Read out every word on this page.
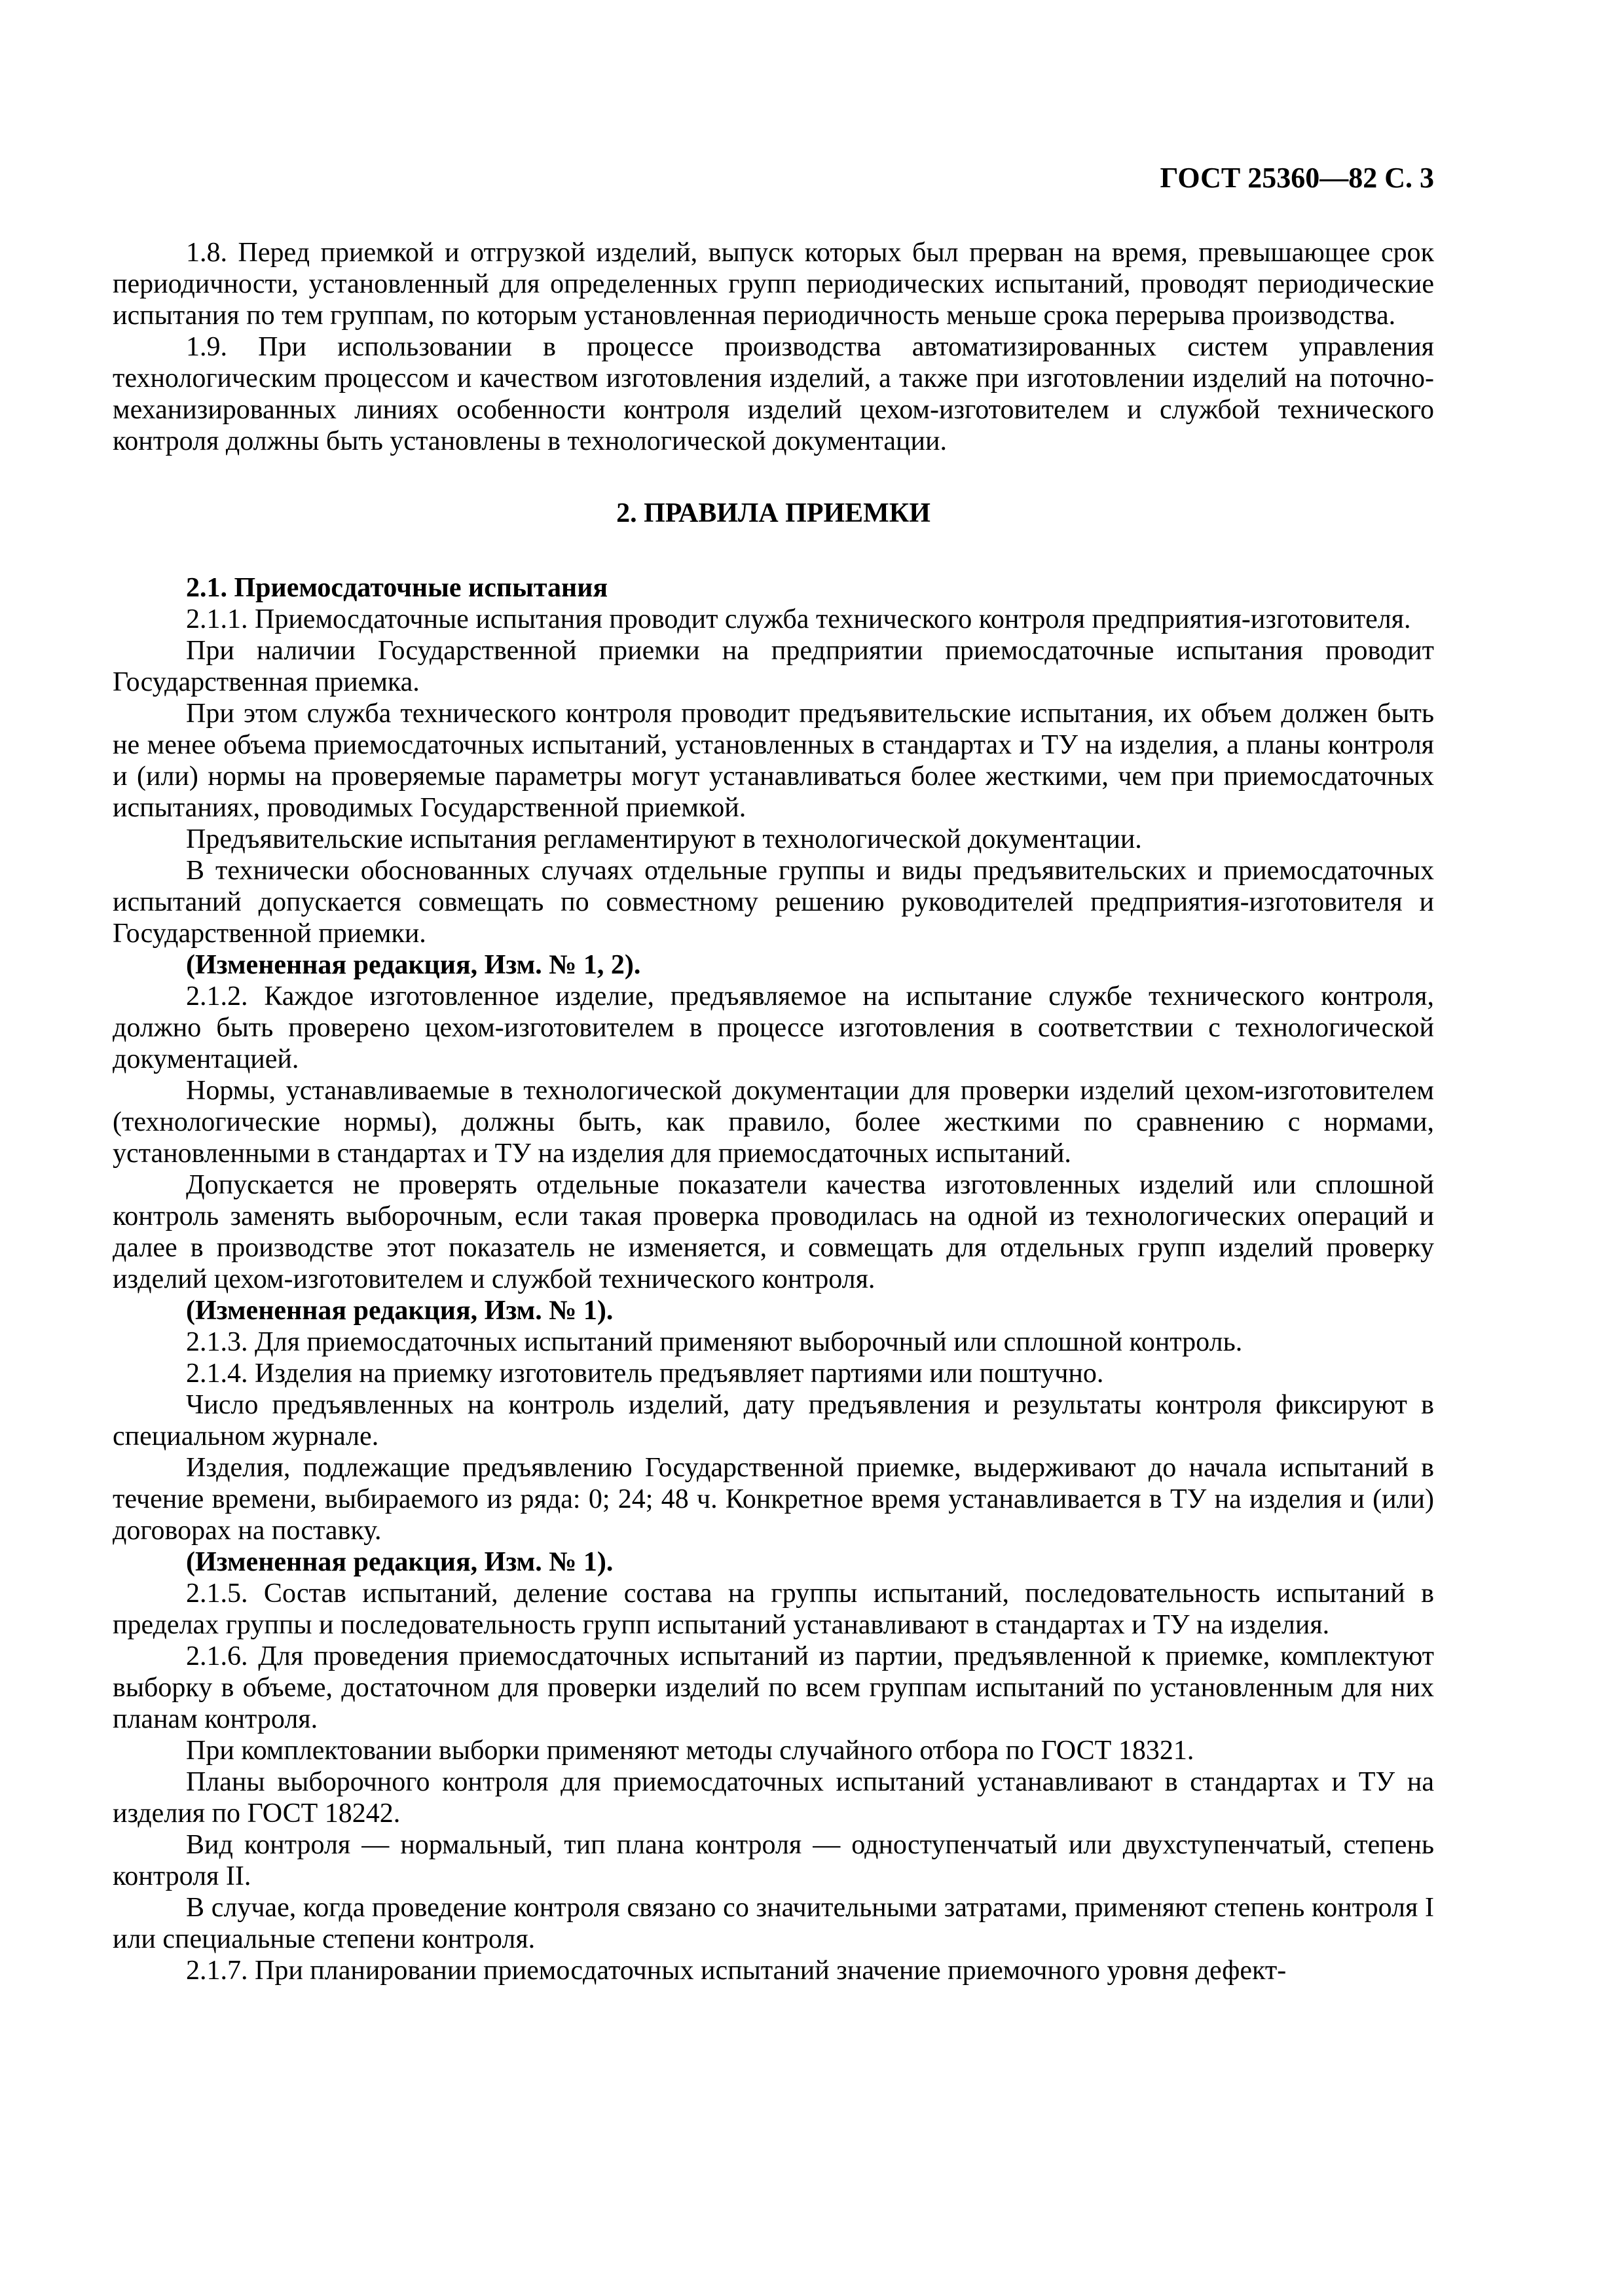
ГОСТ 25360—82 С. 3

1.8. Перед приемкой и отгрузкой изделий, выпуск которых был прерван на время, превышающее срок периодичности, установленный для определенных групп периодических испытаний, проводят периодические испытания по тем группам, по которым установленная периодичность меньше срока перерыва производства.

1.9. При использовании в процессе производства автоматизированных систем управления технологическим процессом и качеством изготовления изделий, а также при изготовлении изделий на поточно-механизированных линиях особенности контроля изделий цехом-изготовителем и службой технического контроля должны быть установлены в технологической документации.

2. ПРАВИЛА ПРИЕМКИ

2.1. Приемосдаточные испытания

2.1.1. Приемосдаточные испытания проводит служба технического контроля предприятия-изготовителя.

При наличии Государственной приемки на предприятии приемосдаточные испытания проводит Государственная приемка.

При этом служба технического контроля проводит предъявительские испытания, их объем должен быть не менее объема приемосдаточных испытаний, установленных в стандартах и ТУ на изделия, а планы контроля и (или) нормы на проверяемые параметры могут устанавливаться более жесткими, чем при приемосдаточных испытаниях, проводимых Государственной приемкой.

Предъявительские испытания регламентируют в технологической документации.

В технически обоснованных случаях отдельные группы и виды предъявительских и приемосдаточных испытаний допускается совмещать по совместному решению руководителей предприятия-изготовителя и Государственной приемки.

(Измененная редакция, Изм. № 1, 2).

2.1.2. Каждое изготовленное изделие, предъявляемое на испытание службе технического контроля, должно быть проверено цехом-изготовителем в процессе изготовления в соответствии с технологической документацией.

Нормы, устанавливаемые в технологической документации для проверки изделий цехом-изготовителем (технологические нормы), должны быть, как правило, более жесткими по сравнению с нормами, установленными в стандартах и ТУ на изделия для приемосдаточных испытаний.

Допускается не проверять отдельные показатели качества изготовленных изделий или сплошной контроль заменять выборочным, если такая проверка проводилась на одной из технологических операций и далее в производстве этот показатель не изменяется, и совмещать для отдельных групп изделий проверку изделий цехом-изготовителем и службой технического контроля.

(Измененная редакция, Изм. № 1).

2.1.3. Для приемосдаточных испытаний применяют выборочный или сплошной контроль.

2.1.4. Изделия на приемку изготовитель предъявляет партиями или поштучно.

Число предъявленных на контроль изделий, дату предъявления и результаты контроля фиксируют в специальном журнале.

Изделия, подлежащие предъявлению Государственной приемке, выдерживают до начала испытаний в течение времени, выбираемого из ряда: 0; 24; 48 ч. Конкретное время устанавливается в ТУ на изделия и (или) договорах на поставку.

(Измененная редакция, Изм. № 1).

2.1.5. Состав испытаний, деление состава на группы испытаний, последовательность испытаний в пределах группы и последовательность групп испытаний устанавливают в стандартах и ТУ на изделия.

2.1.6. Для проведения приемосдаточных испытаний из партии, предъявленной к приемке, комплектуют выборку в объеме, достаточном для проверки изделий по всем группам испытаний по установленным для них планам контроля.

При комплектовании выборки применяют методы случайного отбора по ГОСТ 18321.

Планы выборочного контроля для приемосдаточных испытаний устанавливают в стандартах и ТУ на изделия по ГОСТ 18242.

Вид контроля — нормальный, тип плана контроля — одноступенчатый или двухступенчатый, степень контроля II.

В случае, когда проведение контроля связано со значительными затратами, применяют степень контроля I или специальные степени контроля.

2.1.7. При планировании приемосдаточных испытаний значение приемочного уровня дефект-
